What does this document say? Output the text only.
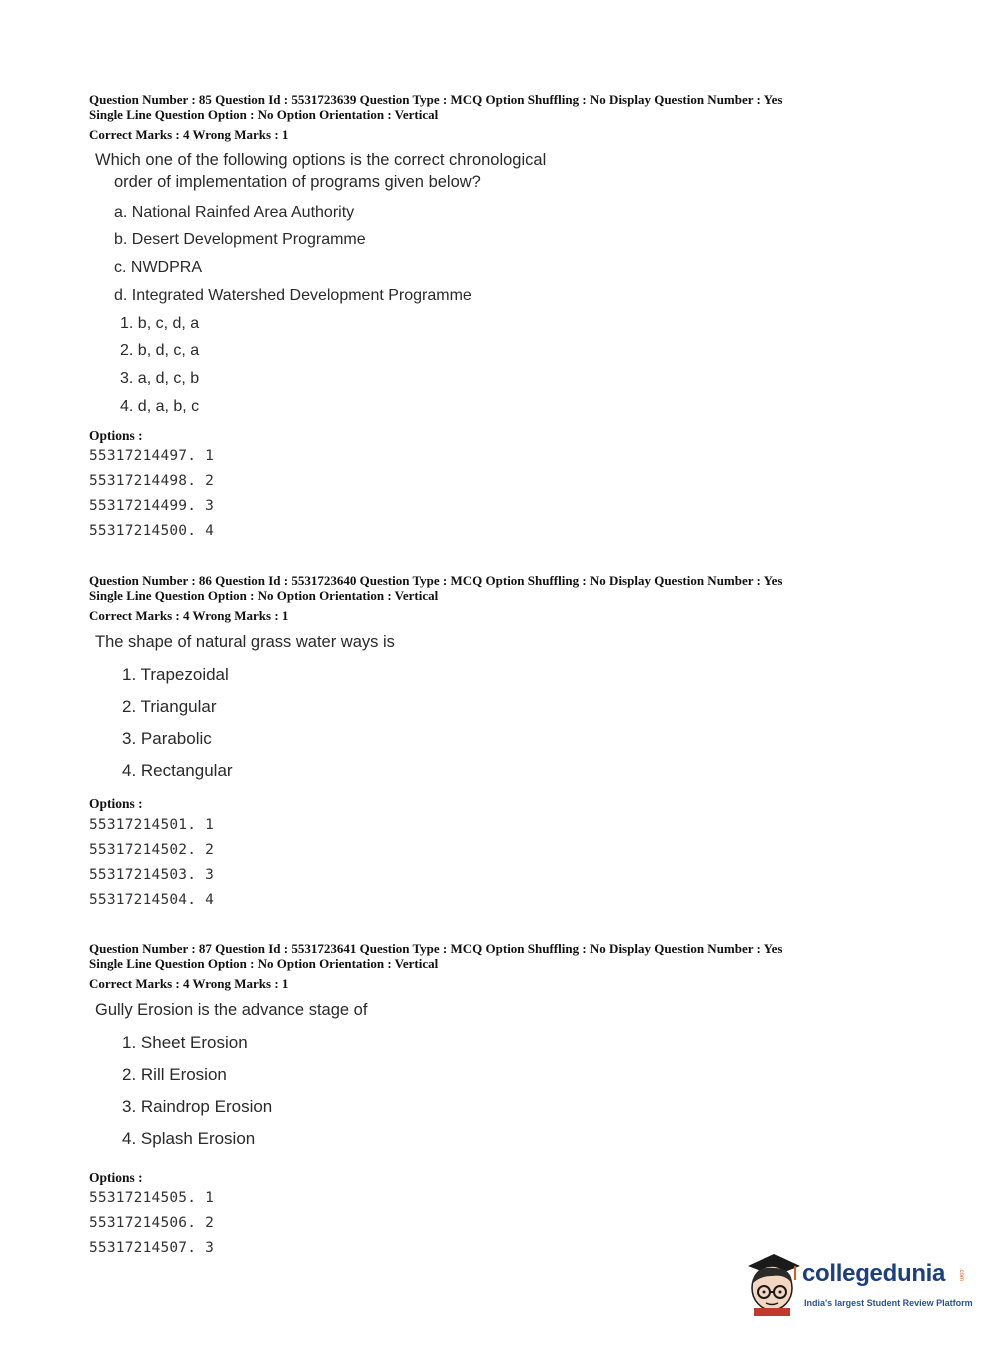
Question Number : 85 Question Id : 5531723639 Question Type : MCQ Option Shuffling : No Display Question Number : Yes

Single Line Question Option : No Option Orientation : Vertical

Correct Marks : 4 Wrong Marks : 1

Which one of the following options is the correct chronological

order of implementation of programs given below?

a. National Rainfed Area Authority

b. Desert Development Programme

c. NWDPRA

d. Integrated Watershed Development Programme

1. b, c, d, a

2. b, d, c, a

3. a, d, c, b

4. d, a, b, c

Options :

55317214497. 1

55317214498. 2

55317214499. 3

55317214500. 4

Question Number : 86 Question Id : 5531723640 Question Type : MCQ Option Shuffling : No Display Question Number : Yes

Single Line Question Option : No Option Orientation : Vertical

Correct Marks : 4 Wrong Marks : 1

The shape of natural grass water ways is

1. Trapezoidal

2. Triangular

3. Parabolic

4. Rectangular

Options :

55317214501. 1

55317214502. 2

55317214503. 3

55317214504. 4

Question Number : 87 Question Id : 5531723641 Question Type : MCQ Option Shuffling : No Display Question Number : Yes

Single Line Question Option : No Option Orientation : Vertical

Correct Marks : 4 Wrong Marks : 1

Gully Erosion is the advance stage of

1. Sheet Erosion

2. Rill Erosion

3. Raindrop Erosion

4. Splash Erosion

Options :

55317214505. 1

55317214506. 2

55317214507. 3

collegedunia .com
India's largest Student Review Platform
